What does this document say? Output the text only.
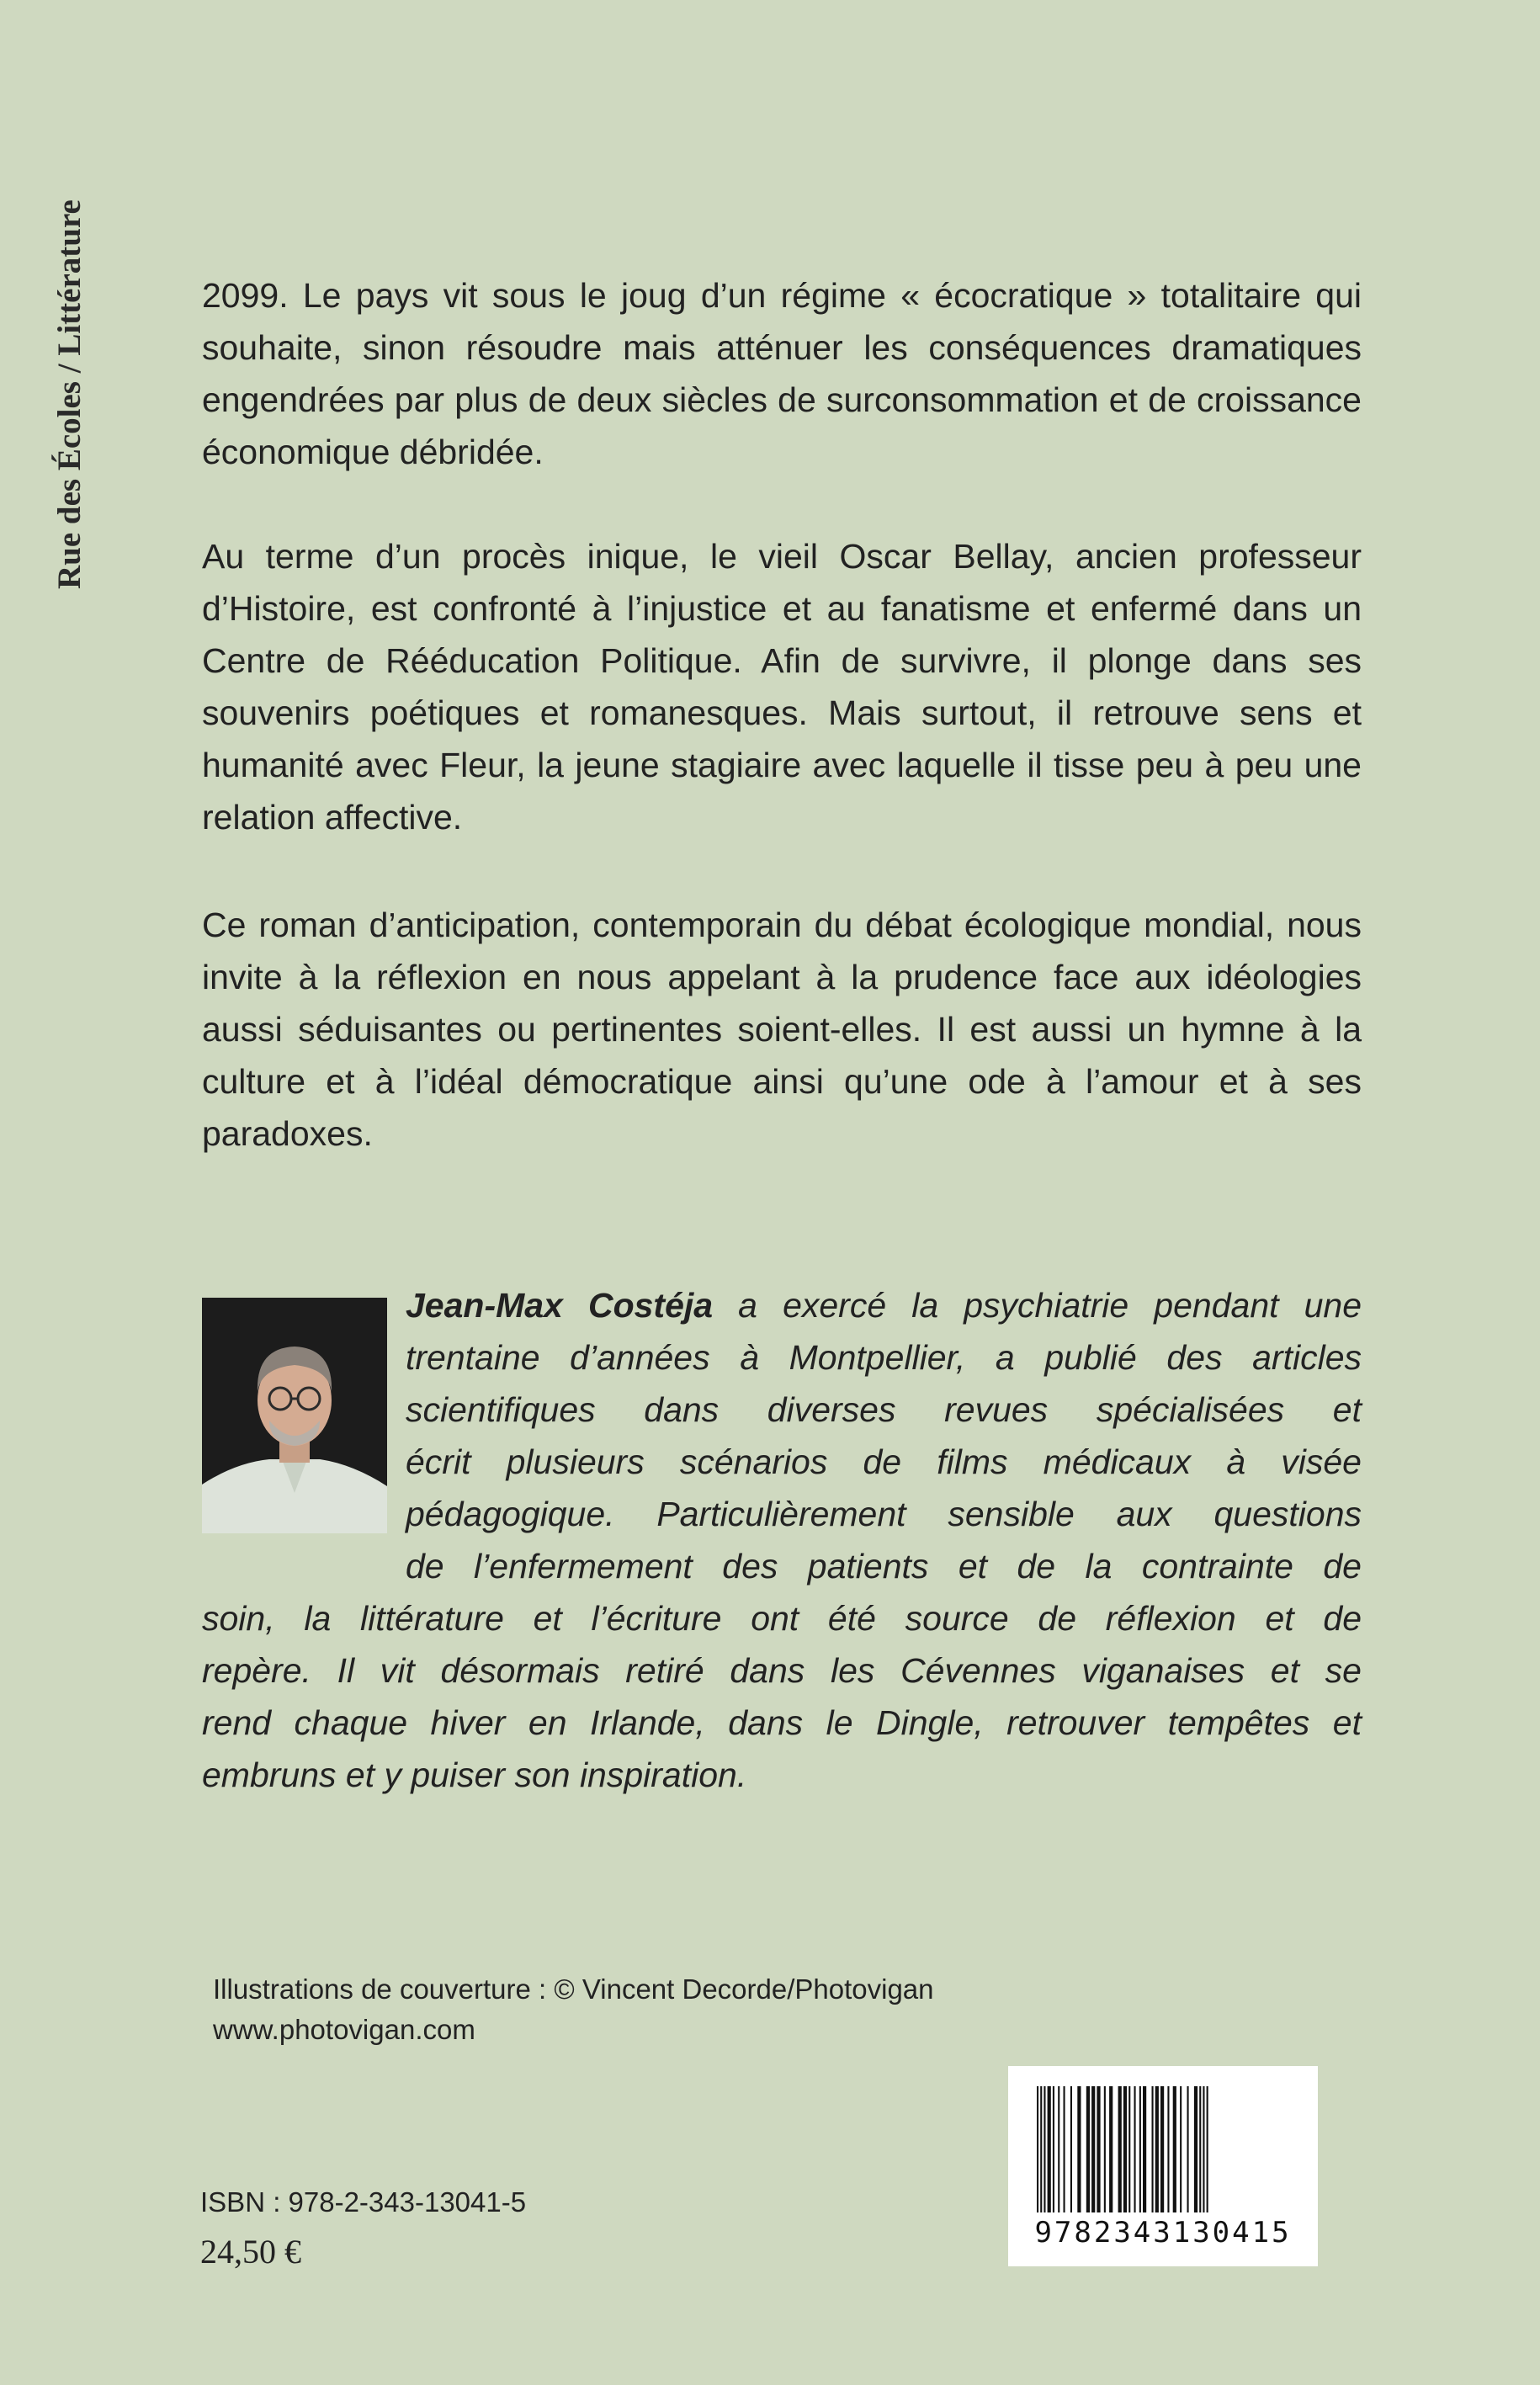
Rue des Écoles / Littérature	2099. Le pays vit sous le joug d’un régime « écocratique » totalitaire qui souhaite, sinon résoudre mais atténuer les conséquences dramatiques engendrées par plus de deux siècles de surconsommation et de croissance économique débridée.

Au terme d’un procès inique, le vieil Oscar Bellay, ancien professeur d’Histoire, est confronté à l’injustice et au fanatisme et enfermé dans un Centre de Rééducation Politique. Afin de survivre, il plonge dans ses souvenirs poétiques et romanesques. Mais surtout, il retrouve sens et humanité avec Fleur, la jeune stagiaire avec laquelle il tisse peu à peu une relation affective.

Ce roman d’anticipation, contemporain du débat écologique mondial, nous invite à la réflexion en nous appelant à la prudence face aux idéologies aussi séduisantes ou pertinentes soient-elles. Il est aussi un hymne à la culture et à l’idéal démocratique ainsi qu’une ode à l’amour et à ses paradoxes.

Jean-Max Costéja a exercé la psychiatrie pendant une
trentaine d’années à Montpellier, a publié des articles
scientifiques dans diverses revues spécialisées et
écrit plusieurs scénarios de films médicaux à visée
pédagogique. Particulièrement sensible aux questions
de l’enfermement des patients et de la contrainte de
soin, la littérature et l’écriture ont été source de réflexion et de
repère. Il vit désormais retiré dans les Cévennes viganaises et se
rend chaque hiver en Irlande, dans le Dingle, retrouver tempêtes et
embruns et y puiser son inspiration.
Illustrations de couverture : © Vincent Decorde/Photovigan
www.photovigan.com
9782343130415
ISBN : 978-2-343-13041-5
24,50 €
